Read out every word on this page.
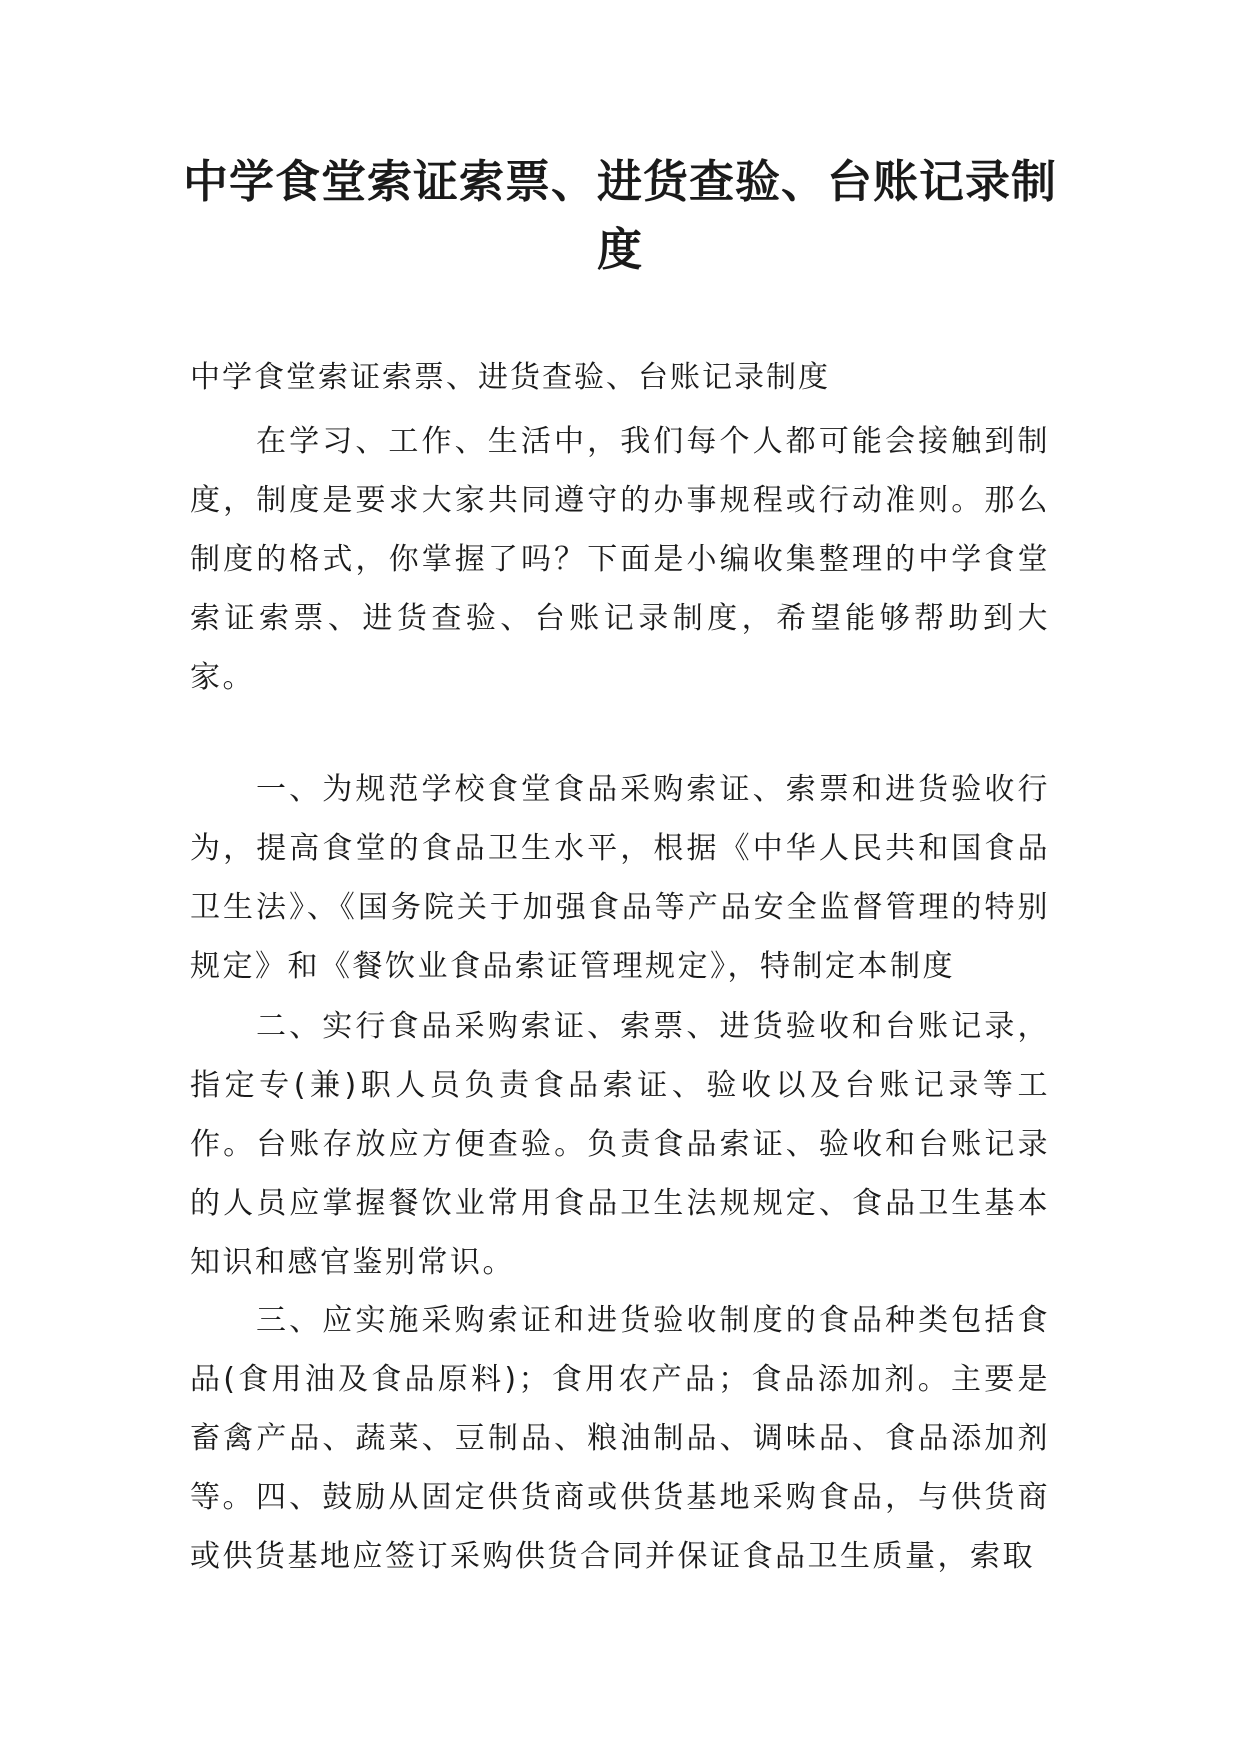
中学食堂索证索票、进货查验、台账记录制度

中学食堂索证索票、进货查验、台账记录制度

在学习、工作、生活中，我们每个人都可能会接触到制度，制度是要求大家共同遵守的办事规程或行动准则。那么制度的格式，你掌握了吗？下面是小编收集整理的中学食堂索证索票、进货查验、台账记录制度，希望能够帮助到大家。

一、为规范学校食堂食品采购索证、索票和进货验收行为，提高食堂的食品卫生水平，根据《中华人民共和国食品卫生法》、《国务院关于加强食品等产品安全监督管理的特别规定》和《餐饮业食品索证管理规定》，特制定本制度

二、实行食品采购索证、索票、进货验收和台账记录，指定专(兼)职人员负责食品索证、验收以及台账记录等工作。台账存放应方便查验。负责食品索证、验收和台账记录的人员应掌握餐饮业常用食品卫生法规规定、食品卫生基本知识和感官鉴别常识。

三、应实施采购索证和进货验收制度的食品种类包括食品(食用油及食品原料)；食用农产品；食品添加剂。主要是畜禽产品、蔬菜、豆制品、粮油制品、调味品、食品添加剂等。 四、鼓励从固定供货商或供货基地采购食品，与供货商或供货基地应签订采购供货合同并保证食品卫生质量，索取
